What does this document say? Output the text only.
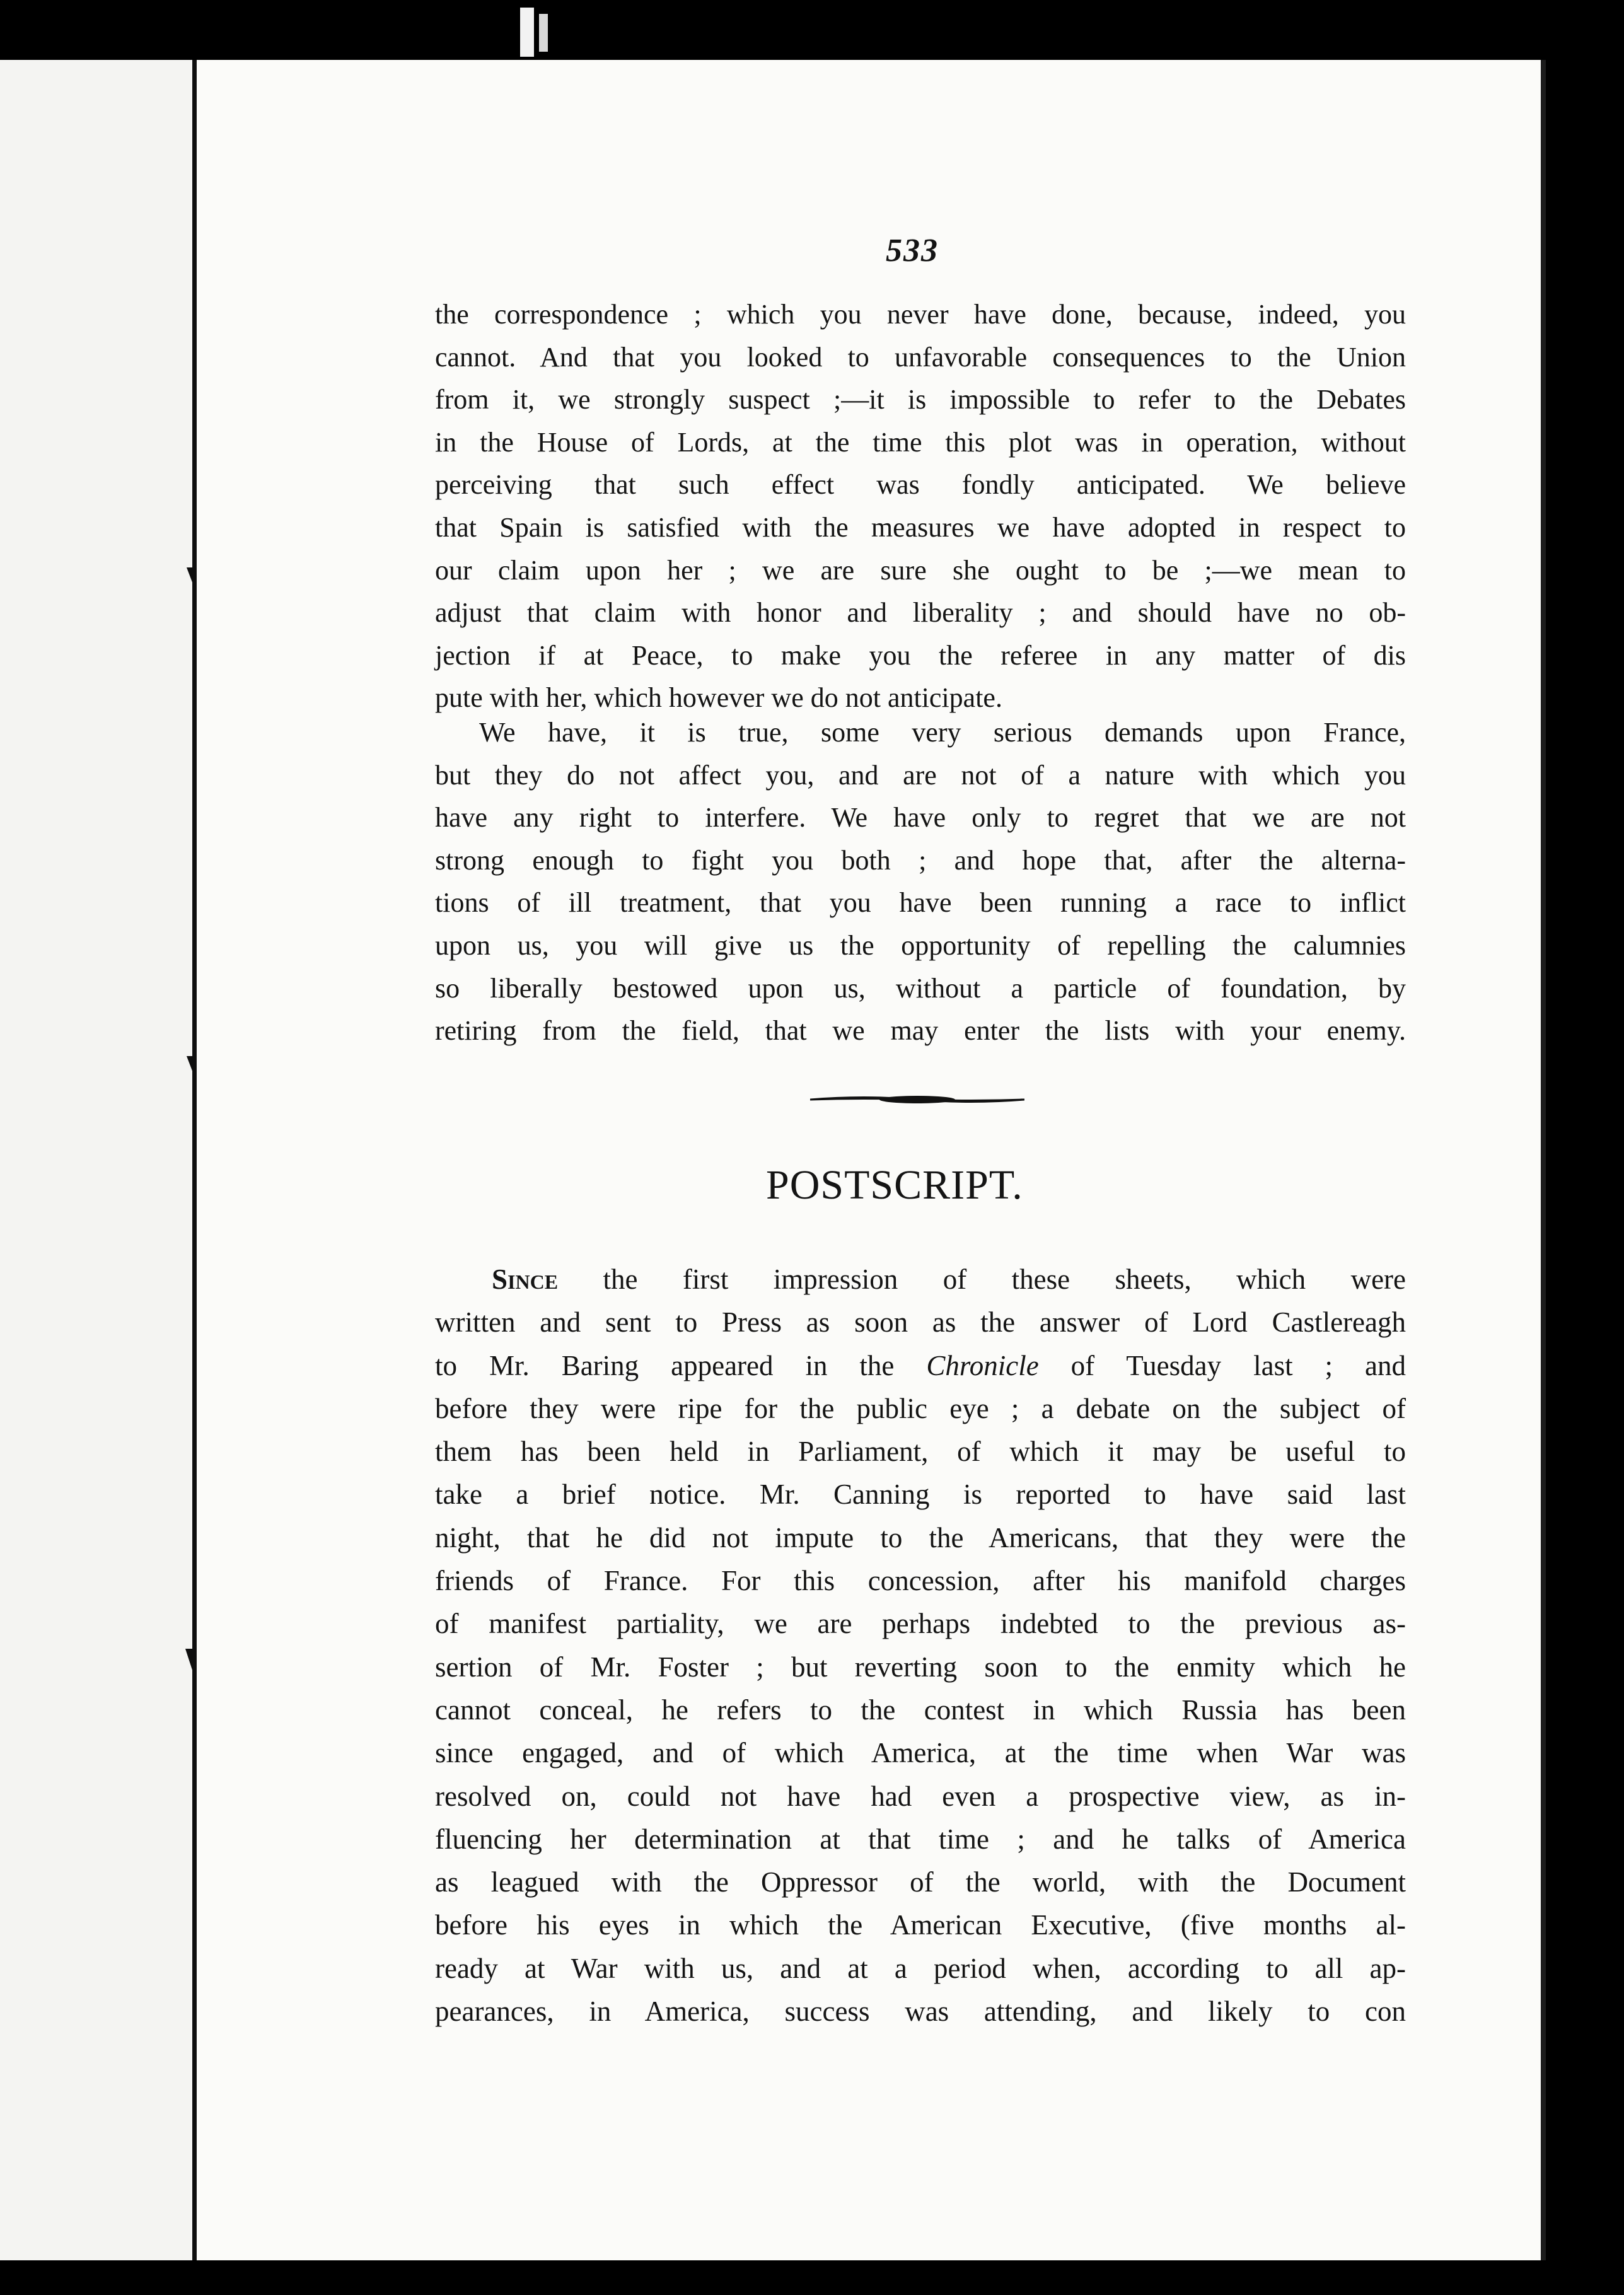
533
the correspondence ; which you never have done, because, indeed, you
cannot. And that you looked to unfavorable consequences to the Union
from it, we strongly suspect ;—it is impossible to refer to the Debates
in the House of Lords, at the time this plot was in operation, without
perceiving that such effect was fondly anticipated. We believe
that Spain is satisfied with the measures we have adopted in respect to
our claim upon her ; we are sure she ought to be ;—we mean to
adjust that claim with honor and liberality ; and should have no ob-
jection if at Peace, to make you the referee in any matter of dis
pute with her, which however we do not anticipate.
We have, it is true, some very serious demands upon France,
but they do not affect you, and are not of a nature with which you
have any right to interfere. We have only to regret that we are not
strong enough to fight you both ; and hope that, after the alterna-
tions of ill treatment, that you have been running a race to inflict
upon us, you will give us the opportunity of repelling the calumnies
so liberally bestowed upon us, without a particle of foundation, by
retiring from the field, that we may enter the lists with your enemy.
POSTSCRIPT.
Since the first impression of these sheets, which were
written and sent to Press as soon as the answer of Lord Castlereagh
to Mr. Baring appeared in the Chronicle of Tuesday last ; and
before they were ripe for the public eye ; a debate on the subject of
them has been held in Parliament, of which it may be useful to
take a brief notice. Mr. Canning is reported to have said last
night, that he did not impute to the Americans, that they were the
friends of France. For this concession, after his manifold charges
of manifest partiality, we are perhaps indebted to the previous as-
sertion of Mr. Foster ; but reverting soon to the enmity which he
cannot conceal, he refers to the contest in which Russia has been
since engaged, and of which America, at the time when War was
resolved on, could not have had even a prospective view, as in-
fluencing her determination at that time ; and he talks of America
as leagued with the Oppressor of the world, with the Document
before his eyes in which the American Executive, (five months al-
ready at War with us, and at a period when, according to all ap-
pearances, in America, success was attending, and likely to con
